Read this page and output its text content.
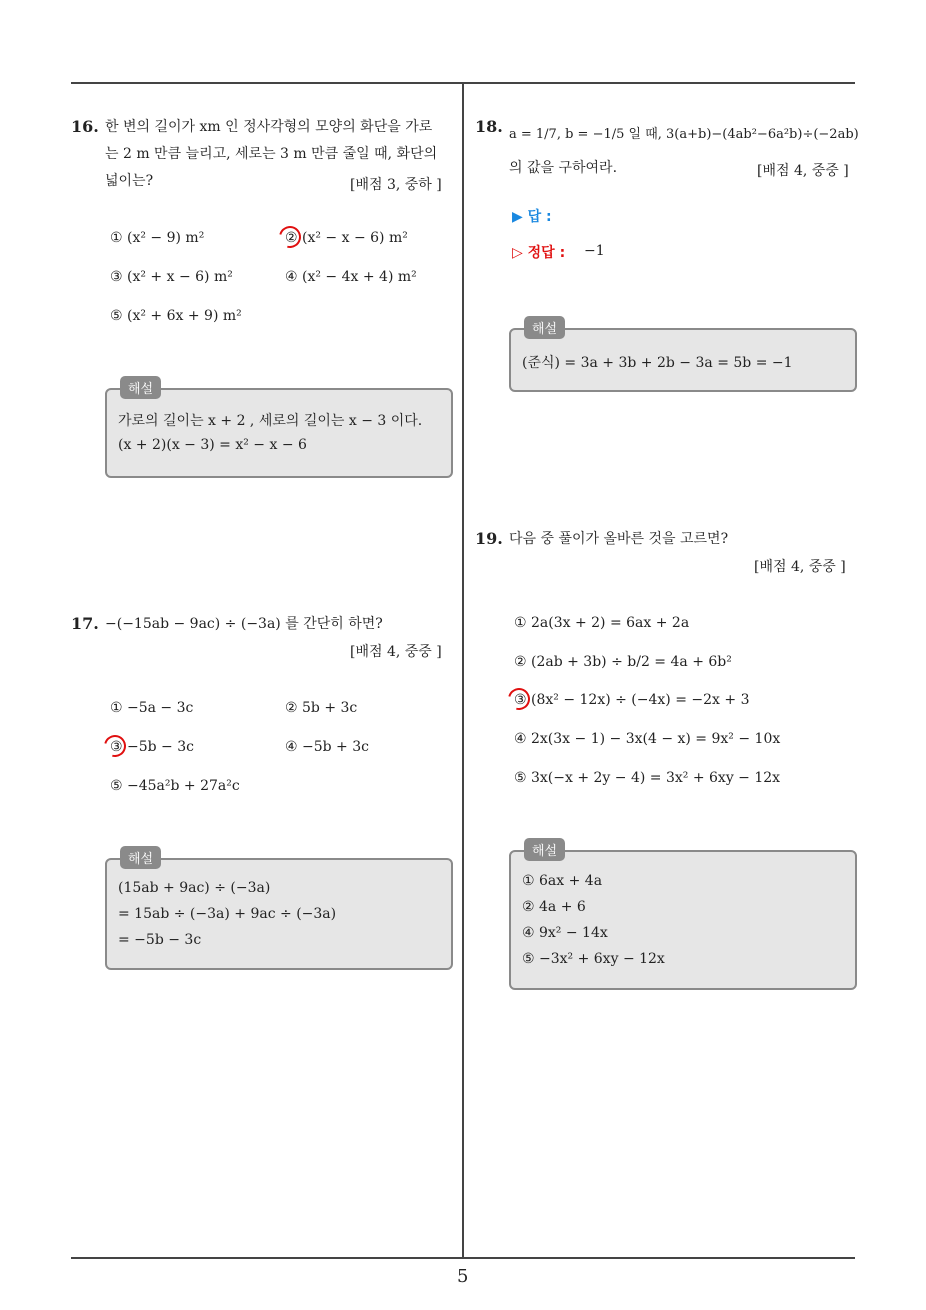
5
16. 한 변의 길이가 xm 인 정사각형의 모양의 화단을 가로
는 2 m 만큼 늘리고, 세로는 3 m 만큼 줄일 때, 화단의
넓이는?	[배점 3, 중하 ]
① (x² − 9) m²	② (x² − x − 6) m²
③ (x² + x − 6) m²	④ (x² − 4x + 4) m²
⑤ (x² + 6x + 9) m²
해설
가로의 길이는 x + 2 , 세로의 길이는 x − 3 이다.
(x + 2)(x − 3) = x² − x − 6
17. −(−15ab − 9ac) ÷ (−3a) 를 간단히 하면?
[배점 4, 중중 ]
① −5a − 3c	② 5b + 3c
③ −5b − 3c	④ −5b + 3c
⑤ −45a²b + 27a²c
해설
(15ab + 9ac) ÷ (−3a)
= 15ab ÷ (−3a) + 9ac ÷ (−3a)
= −5b − 3c
18. a = 1/7, b = −1/5 일 때, 3(a+b)−(4ab²−6a²b)÷(−2ab)
의 값을 구하여라.	[배점 4, 중중 ]
▶ 답 :
▷ 정답 : −1
해설
(준식) = 3a + 3b + 2b − 3a = 5b = −1
19. 다음 중 풀이가 올바른 것을 고르면?
[배점 4, 중중 ]
① 2a(3x + 2) = 6ax + 2a
② (2ab + 3b) ÷ b/2 = 4a + 6b²
③ (8x² − 12x) ÷ (−4x) = −2x + 3
④ 2x(3x − 1) − 3x(4 − x) = 9x² − 10x
⑤ 3x(−x + 2y − 4) = 3x² + 6xy − 12x
해설
① 6ax + 4a
② 4a + 6
④ 9x² − 14x
⑤ −3x² + 6xy − 12x
